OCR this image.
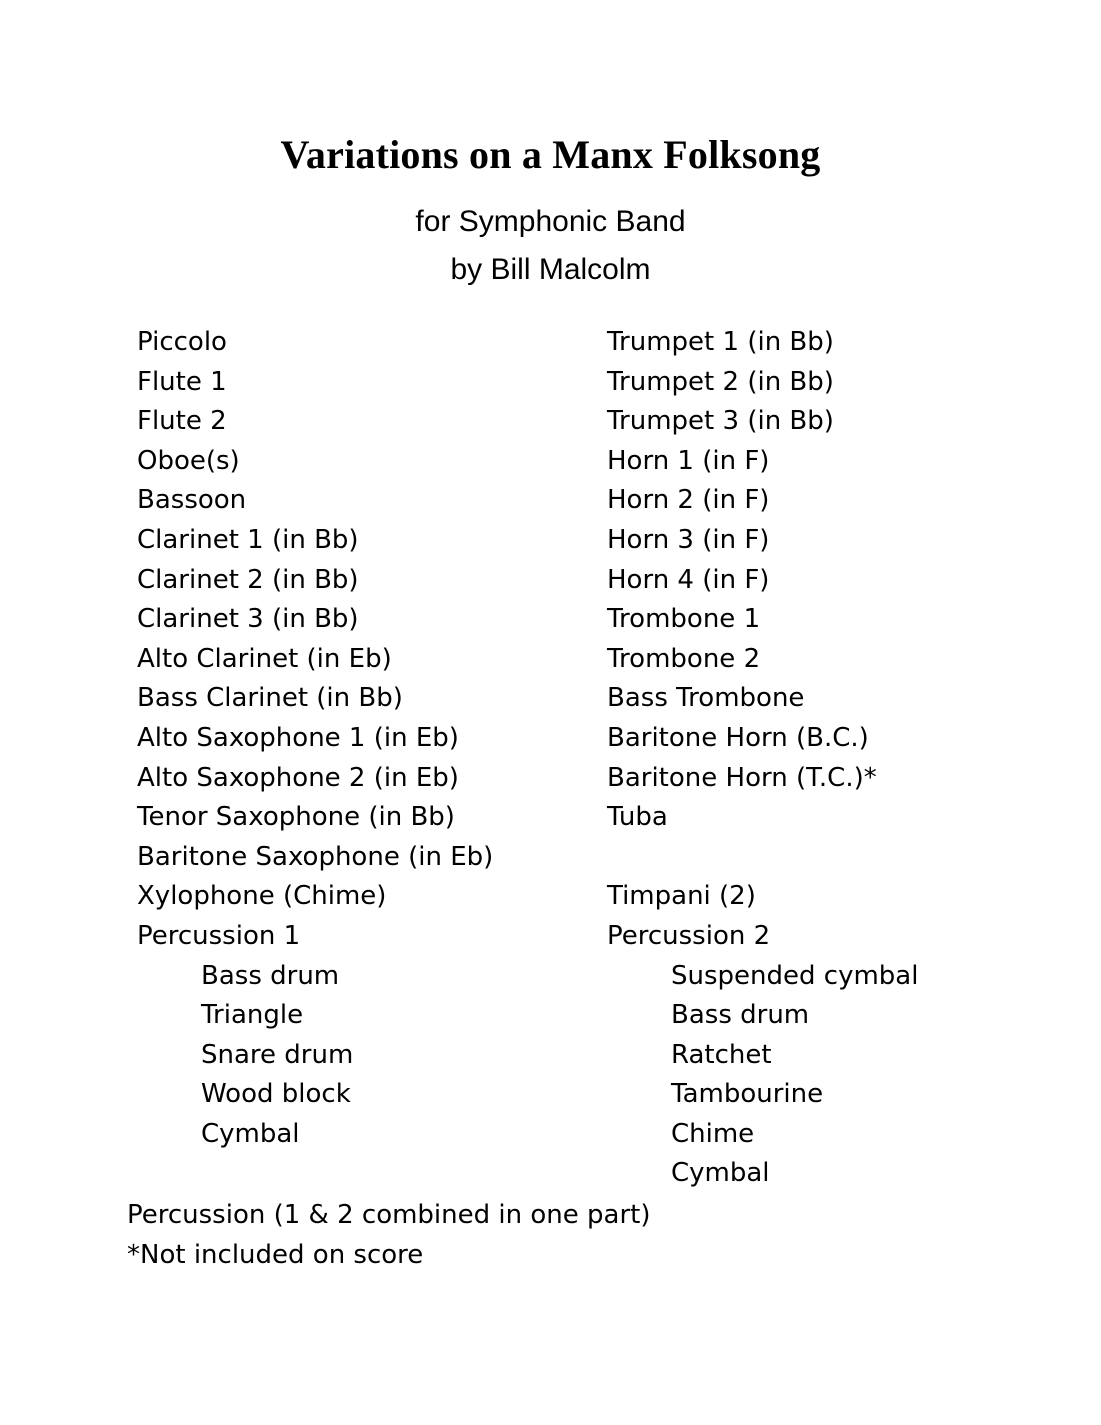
Variations on a Manx Folksong
for Symphonic Band
by Bill Malcolm
Piccolo
Flute 1
Flute 2
Oboe(s)
Bassoon
Clarinet 1 (in Bb)
Clarinet 2 (in Bb)
Clarinet 3 (in Bb)
Alto Clarinet (in Eb)
Bass Clarinet (in Bb)
Alto Saxophone 1 (in Eb)
Alto Saxophone 2 (in Eb)
Tenor Saxophone (in Bb)
Baritone Saxophone (in Eb)
Xylophone (Chime)
Percussion 1
Bass drum
Triangle
Snare drum
Wood block
Cymbal
Trumpet 1 (in Bb)
Trumpet 2 (in Bb)
Trumpet 3 (in Bb)
Horn 1 (in F)
Horn 2 (in F)
Horn 3 (in F)
Horn 4 (in F)
Trombone 1
Trombone 2
Bass Trombone
Baritone Horn (B.C.)
Baritone Horn (T.C.)*
Tuba
Timpani (2)
Percussion 2
Suspended cymbal
Bass drum
Ratchet
Tambourine
Chime
Cymbal
Percussion (1 & 2 combined in one part)
*Not included on score
